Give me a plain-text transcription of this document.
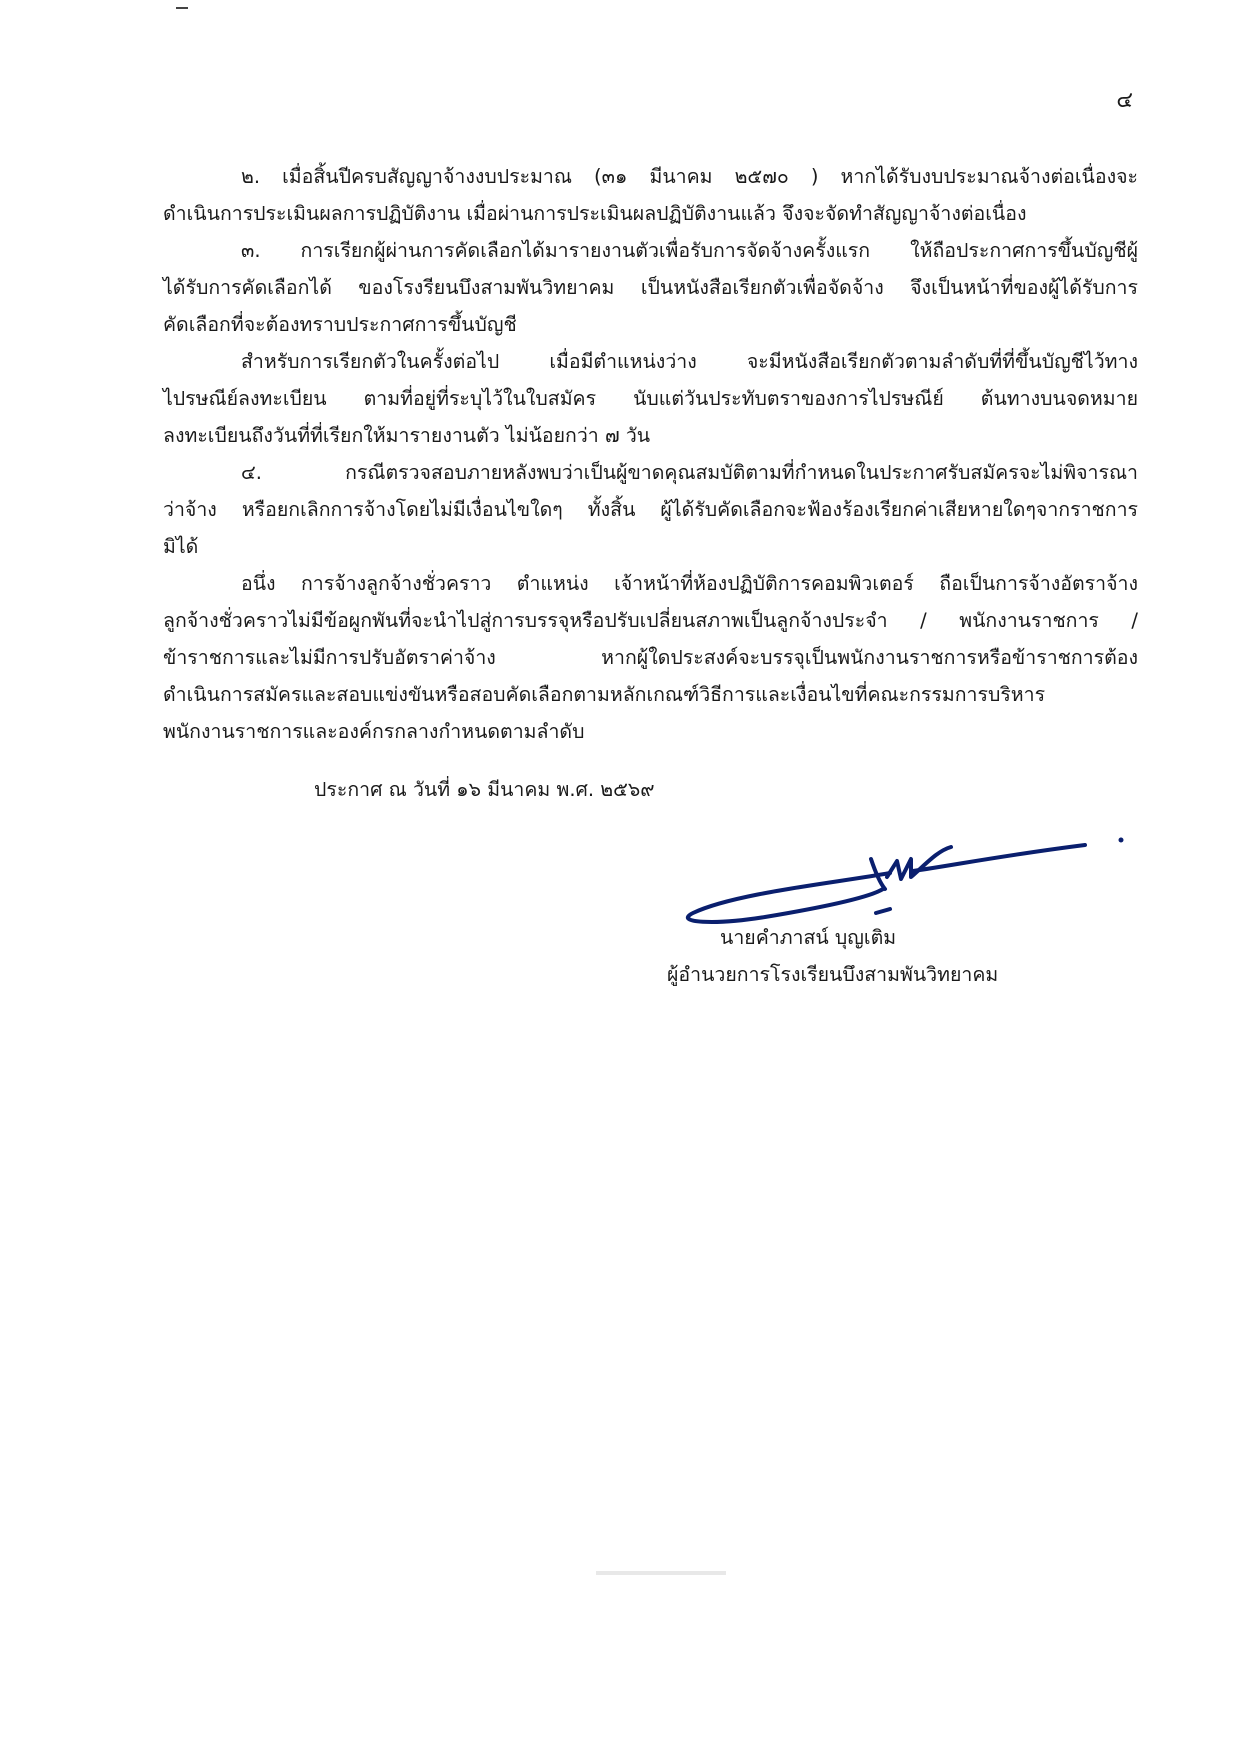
๔
๒. เมื่อสิ้นปีครบสัญญาจ้างงบประมาณ (๓๑ มีนาคม ๒๕๗๐ ) หากได้รับงบประมาณจ้างต่อเนื่องจะ
ดำเนินการประเมินผลการปฏิบัติงาน เมื่อผ่านการประเมินผลปฏิบัติงานแล้ว จึงจะจัดทำสัญญาจ้างต่อเนื่อง
๓. การเรียกผู้ผ่านการคัดเลือกได้มารายงานตัวเพื่อรับการจัดจ้างครั้งแรก ให้ถือประกาศการขึ้นบัญชีผู้
ได้รับการคัดเลือกได้ ของโรงรียนบึงสามพันวิทยาคม เป็นหนังสือเรียกตัวเพื่อจัดจ้าง จึงเป็นหน้าที่ของผู้ได้รับการ
คัดเลือกที่จะต้องทราบประกาศการขึ้นบัญชี
สำหรับการเรียกตัวในครั้งต่อไป เมื่อมีตำแหน่งว่าง จะมีหนังสือเรียกตัวตามลำดับที่ที่ขึ้นบัญชีไว้ทาง
ไปรษณีย์ลงทะเบียน ตามที่อยู่ที่ระบุไว้ในใบสมัคร นับแต่วันประทับตราของการไปรษณีย์ ต้นทางบนจดหมาย
ลงทะเบียนถึงวันที่ที่เรียกให้มารายงานตัว ไม่น้อยกว่า ๗ วัน
๔. กรณีตรวจสอบภายหลังพบว่าเป็นผู้ขาดคุณสมบัติตามที่กำหนดในประกาศรับสมัครจะไม่พิจารณา
ว่าจ้าง หรือยกเลิกการจ้างโดยไม่มีเงื่อนไขใดๆ ทั้งสิ้น ผู้ได้รับคัดเลือกจะฟ้องร้องเรียกค่าเสียหายใดๆจากราชการ
มิได้
อนึ่ง การจ้างลูกจ้างชั่วคราว ตำแหน่ง เจ้าหน้าที่ห้องปฏิบัติการคอมพิวเตอร์ ถือเป็นการจ้างอัตราจ้าง
ลูกจ้างชั่วคราวไม่มีข้อผูกพันที่จะนำไปสู่การบรรจุหรือปรับเปลี่ยนสภาพเป็นลูกจ้างประจำ / พนักงานราชการ /
ข้าราชการและไม่มีการปรับอัตราค่าจ้าง หากผู้ใดประสงค์จะบรรจุเป็นพนักงานราชการหรือข้าราชการต้อง
ดำเนินการสมัครและสอบแข่งขันหรือสอบคัดเลือกตามหลักเกณฑ์วิธีการและเงื่อนไขที่คณะกรรมการบริหาร
พนักงานราชการและองค์กรกลางกำหนดตามลำดับ
ประกาศ ณ วันที่ ๑๖ มีนาคม พ.ศ. ๒๕๖๙
นายคำภาสน์ บุญเติม
ผู้อำนวยการโรงเรียนบึงสามพันวิทยาคม
